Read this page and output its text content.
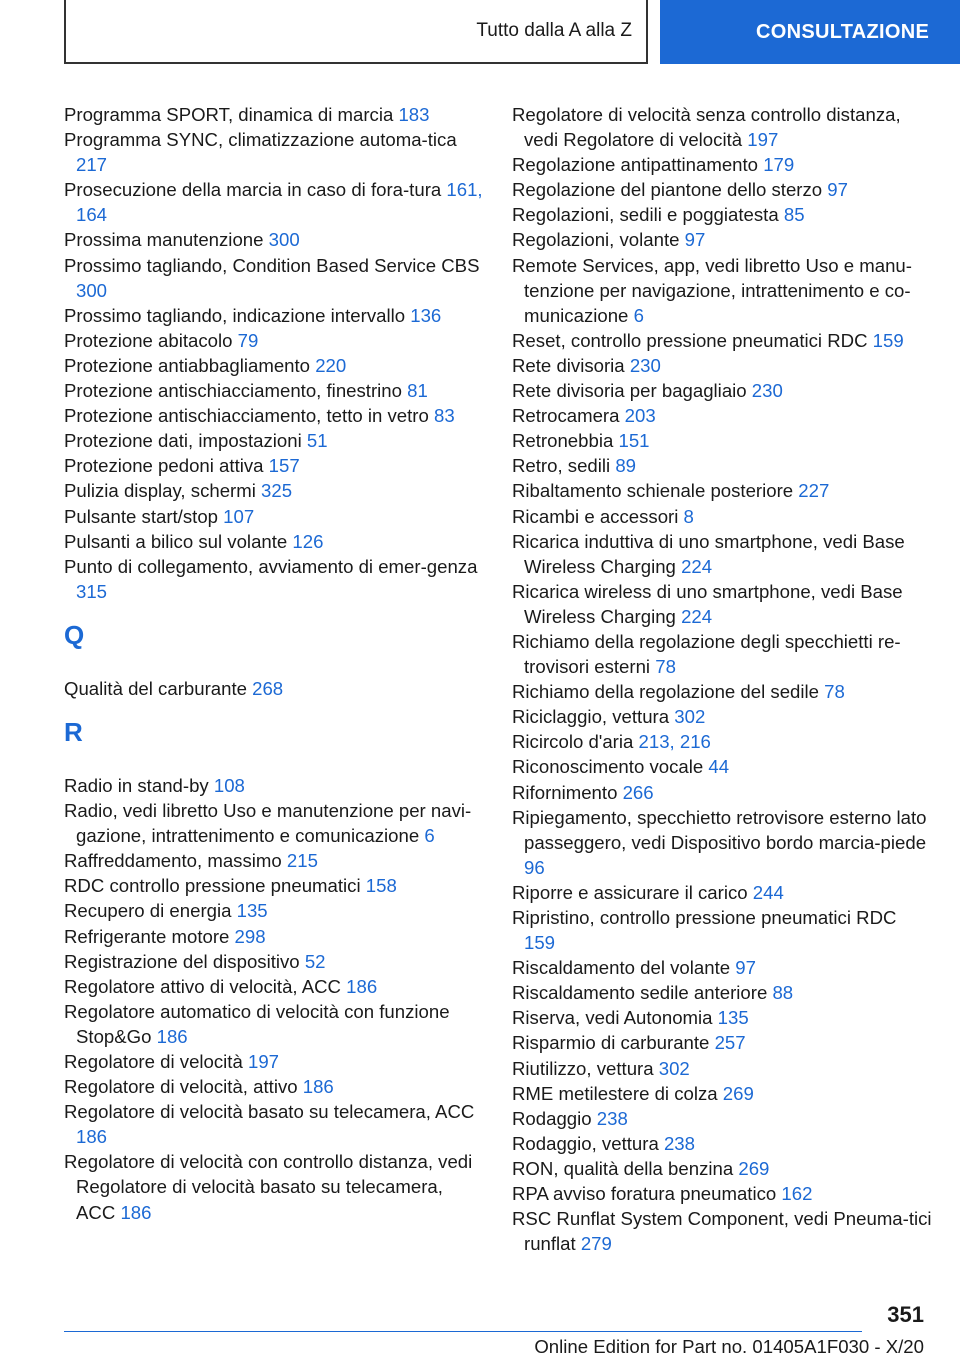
Tutto dalla A alla Z	CONSULTAZIONE
Programma SPORT, dinamica di marcia 183
Programma SYNC, climatizzazione automa‐tica 217
Prosecuzione della marcia in caso di fora‐tura 161, 164
Prossima manutenzione 300
Prossimo tagliando, Condition Based Service CBS 300
Prossimo tagliando, indicazione intervallo 136
Protezione abitacolo 79
Protezione antiabbagliamento 220
Protezione antischiacciamento, finestrino 81
Protezione antischiacciamento, tetto in vetro 83
Protezione dati, impostazioni 51
Protezione pedoni attiva 157
Pulizia display, schermi 325
Pulsante start/stop 107
Pulsanti a bilico sul volante 126
Punto di collegamento, avviamento di emer‐genza 315
Q
Qualità del carburante 268
R
Radio in stand-by 108
Radio, vedi libretto Uso e manutenzione per navi‐gazione, intrattenimento e comunicazione 6
Raffreddamento, massimo 215
RDC controllo pressione pneumatici 158
Recupero di energia 135
Refrigerante motore 298
Registrazione del dispositivo 52
Regolatore attivo di velocità, ACC 186
Regolatore automatico di velocità con funzione Stop&Go 186
Regolatore di velocità 197
Regolatore di velocità, attivo 186
Regolatore di velocità basato su telecamera, ACC 186
Regolatore di velocità con controllo distanza, vedi Regolatore di velocità basato su telecamera, ACC 186
Regolatore di velocità senza controllo distanza, vedi Regolatore di velocità 197
Regolazione antipattinamento 179
Regolazione del piantone dello sterzo 97
Regolazioni, sedili e poggiatesta 85
Regolazioni, volante 97
Remote Services, app, vedi libretto Uso e manu‐tenzione per navigazione, intrattenimento e co‐municazione 6
Reset, controllo pressione pneumatici RDC 159
Rete divisoria 230
Rete divisoria per bagagliaio 230
Retrocamera 203
Retronebbia 151
Retro, sedili 89
Ribaltamento schienale posteriore 227
Ricambi e accessori 8
Ricarica induttiva di uno smartphone, vedi Base Wireless Charging 224
Ricarica wireless di uno smartphone, vedi Base Wireless Charging 224
Richiamo della regolazione degli specchietti re‐trovisori esterni 78
Richiamo della regolazione del sedile 78
Riciclaggio, vettura 302
Ricircolo d'aria 213, 216
Riconoscimento vocale 44
Rifornimento 266
Ripiegamento, specchietto retrovisore esterno lato passeggero, vedi Dispositivo bordo marcia‐piede 96
Riporre e assicurare il carico 244
Ripristino, controllo pressione pneumatici RDC 159
Riscaldamento del volante 97
Riscaldamento sedile anteriore 88
Riserva, vedi Autonomia 135
Risparmio di carburante 257
Riutilizzo, vettura 302
RME metilestere di colza 269
Rodaggio 238
Rodaggio, vettura 238
RON, qualità della benzina 269
RPA avviso foratura pneumatico 162
RSC Runflat System Component, vedi Pneuma‐tici runflat 279
351
Online Edition for Part no. 01405A1F030 - X/20
